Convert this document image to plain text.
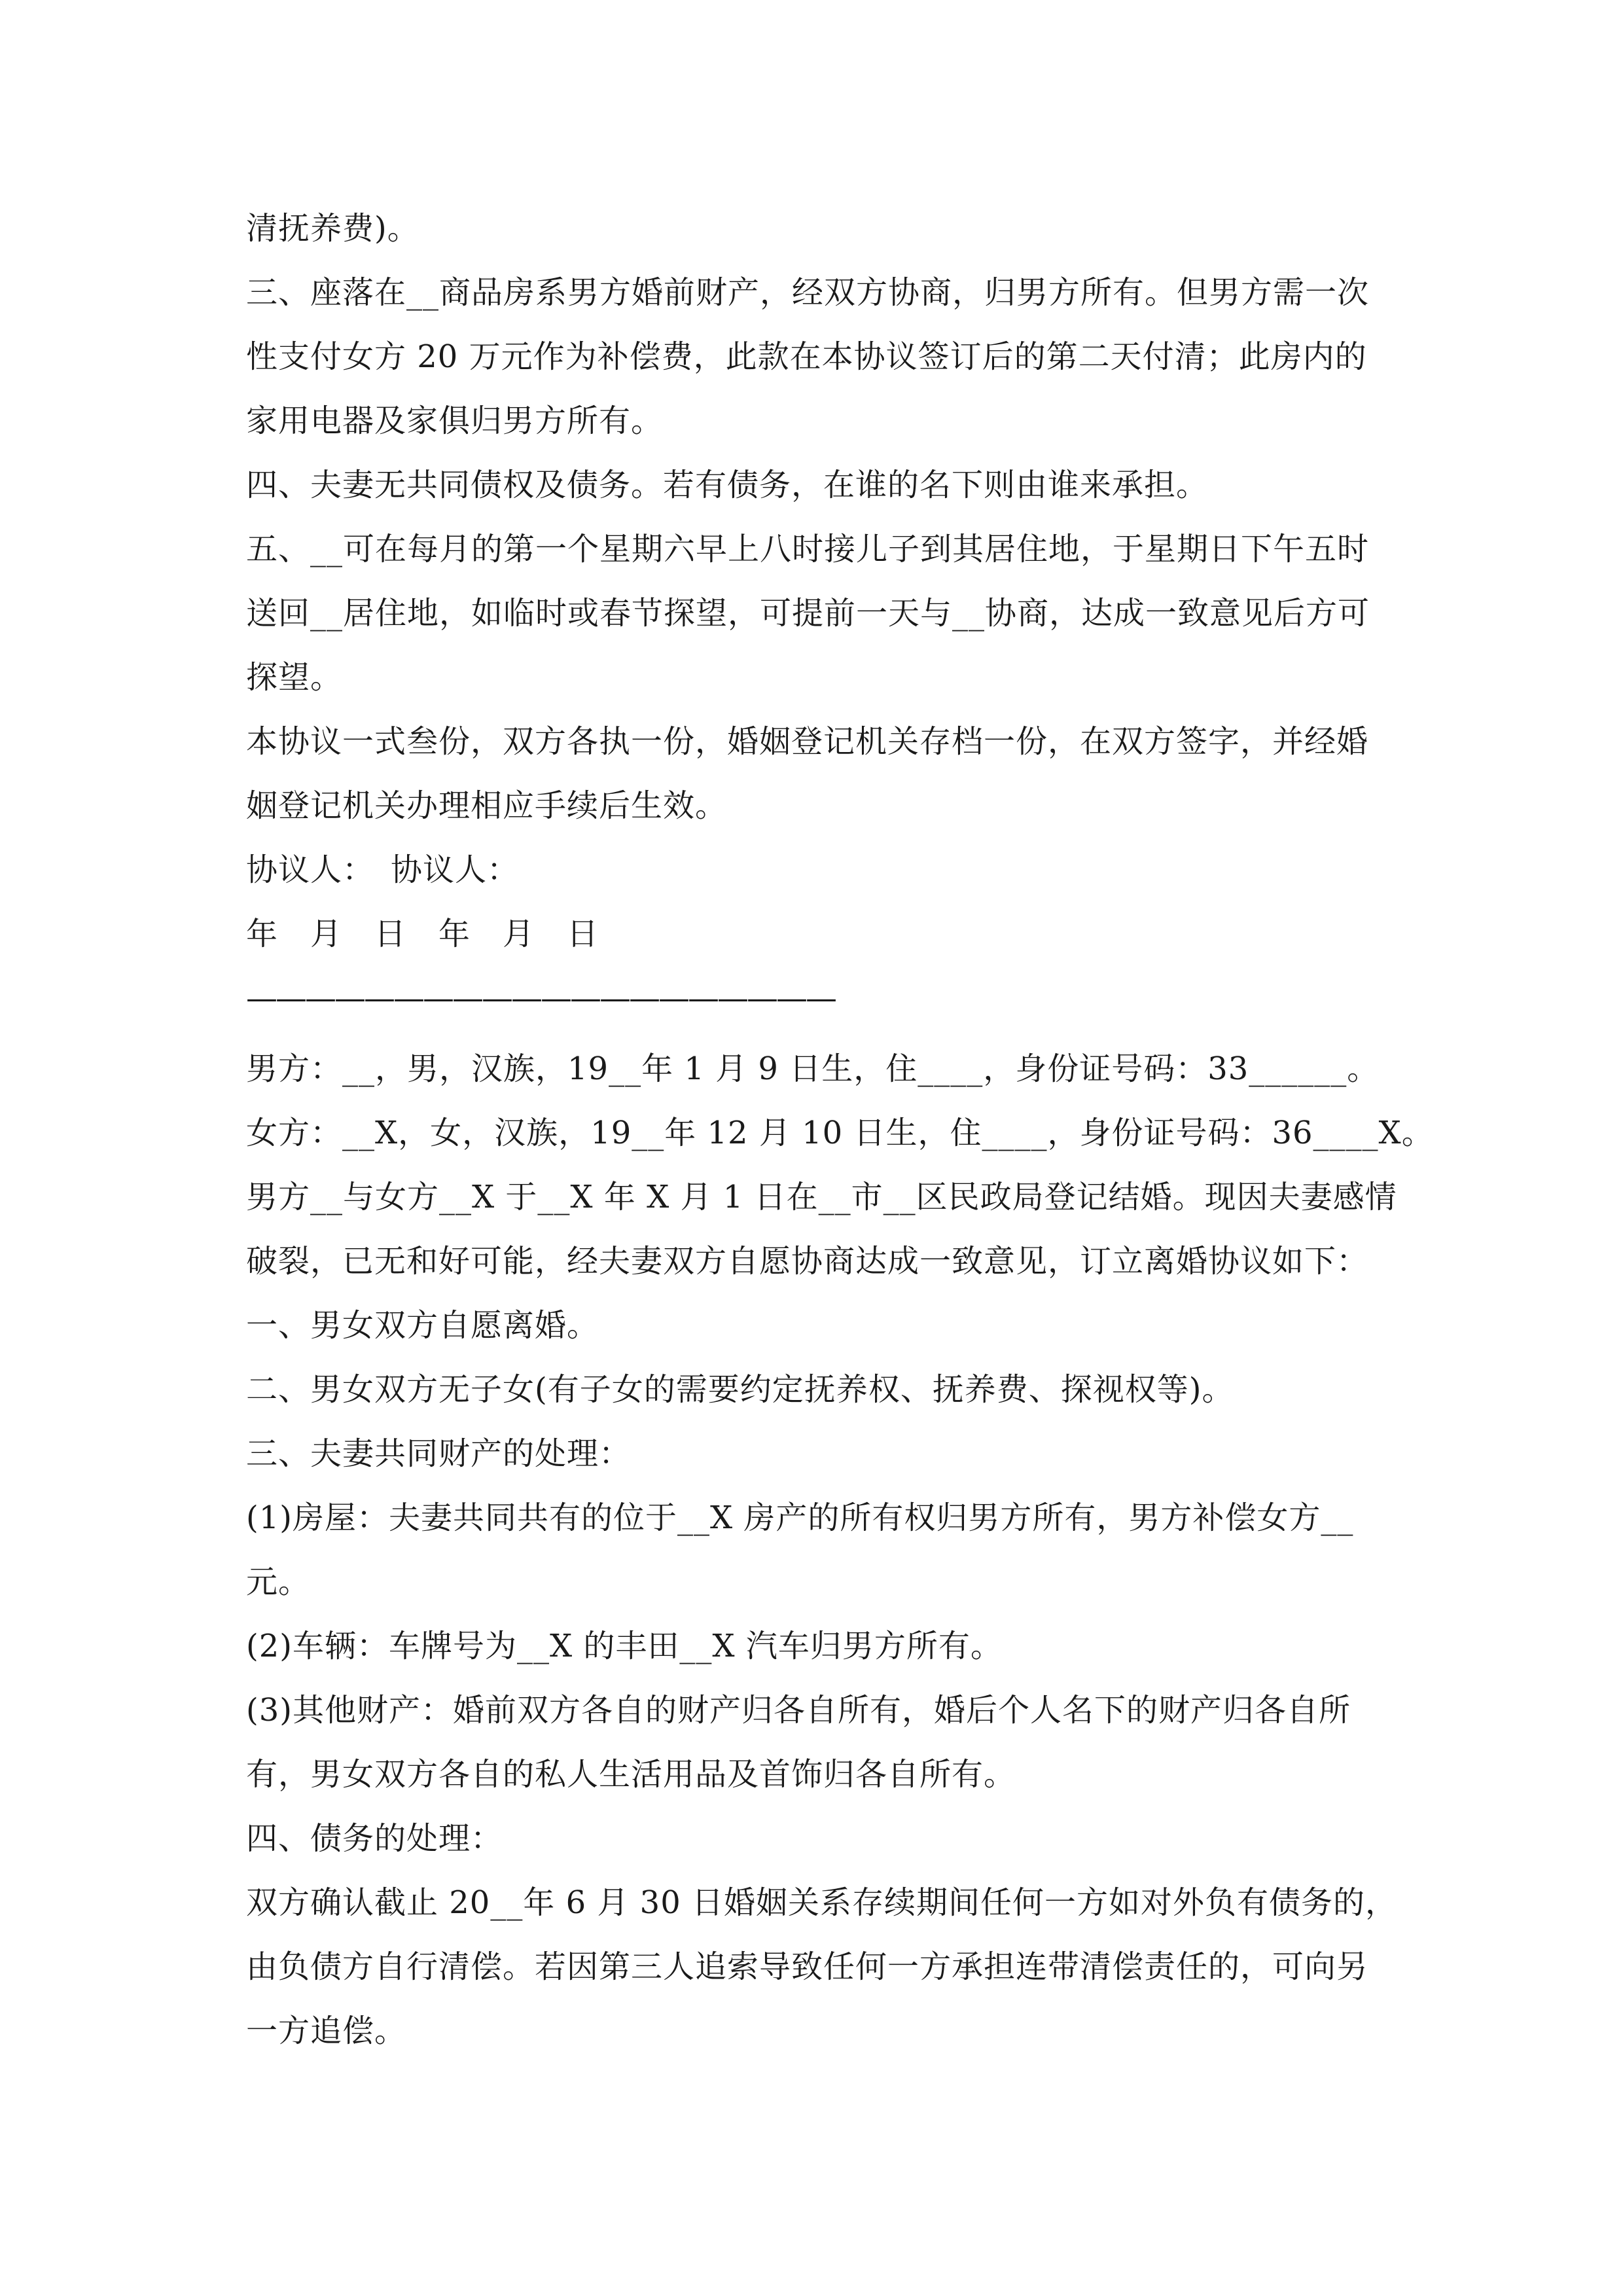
清抚养费)。
三、座落在__商品房系男方婚前财产，经双方协商，归男方所有。但男方需一次
性支付女方 20 万元作为补偿费，此款在本协议签订后的第二天付清；此房内的
家用电器及家俱归男方所有。
四、夫妻无共同债权及债务。若有债务，在谁的名下则由谁来承担。
五、__可在每月的第一个星期六早上八时接儿子到其居住地，于星期日下午五时
送回__居住地，如临时或春节探望，可提前一天与__协商，达成一致意见后方可
探望。
本协议一式叁份，双方各执一份，婚姻登记机关存档一份，在双方签字，并经婚
姻登记机关办理相应手续后生效。
协议人：　协议人：
年　月　日　年　月　日
————————————————————
男方：__，男，汉族，19__年 1 月 9 日生，住____，身份证号码：33______。
女方：__X，女，汉族，19__年 12 月 10 日生，住____，身份证号码：36____X。
男方__与女方__X 于__X 年 X 月 1 日在__市__区民政局登记结婚。现因夫妻感情
破裂，已无和好可能，经夫妻双方自愿协商达成一致意见，订立离婚协议如下：
一、男女双方自愿离婚。
二、男女双方无子女(有子女的需要约定抚养权、抚养费、探视权等)。
三、夫妻共同财产的处理：
(1)房屋：夫妻共同共有的位于__X 房产的所有权归男方所有，男方补偿女方__
元。
(2)车辆：车牌号为__X 的丰田__X 汽车归男方所有。
(3)其他财产：婚前双方各自的财产归各自所有，婚后个人名下的财产归各自所
有，男女双方各自的私人生活用品及首饰归各自所有。
四、债务的处理：
双方确认截止 20__年 6 月 30 日婚姻关系存续期间任何一方如对外负有债务的，
由负债方自行清偿。若因第三人追索导致任何一方承担连带清偿责任的，可向另
一方追偿。
